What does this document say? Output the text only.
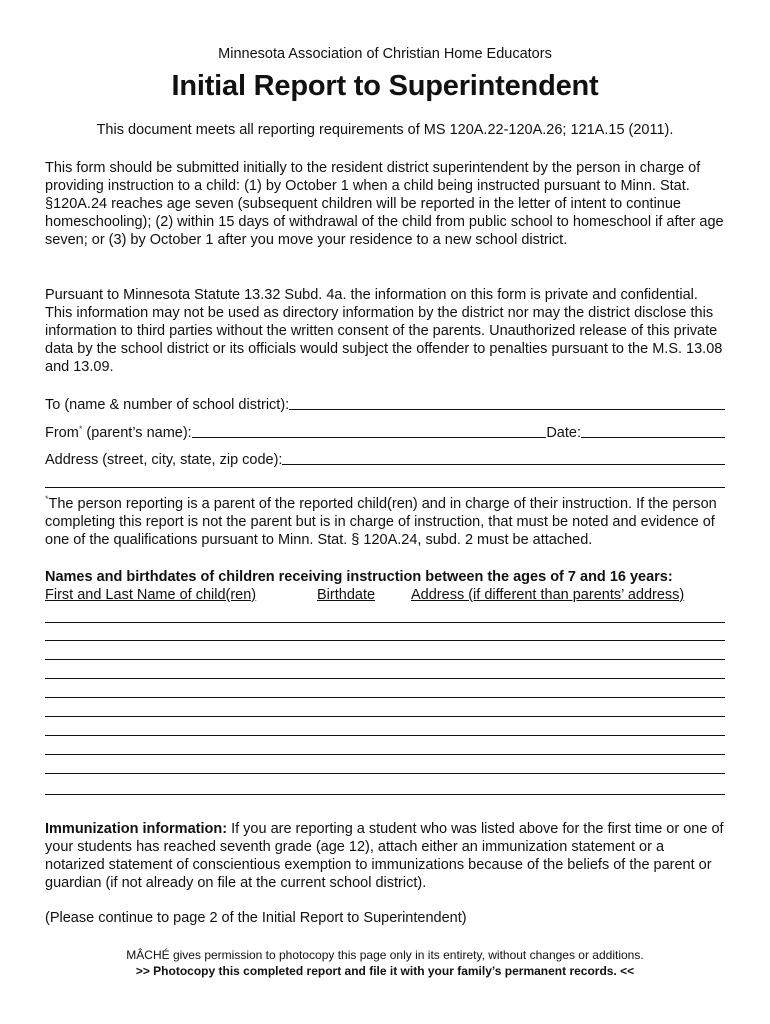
Minnesota Association of Christian Home Educators
Initial Report to Superintendent
This document meets all reporting requirements of MS 120A.22-120A.26; 121A.15 (2011).

This form should be submitted initially to the resident district superintendent by the person in charge of providing instruction to a child: (1) by October 1 when a child being instructed pursuant to Minn. Stat. §120A.24 reaches age seven (subsequent children will be reported in the letter of intent to continue homeschooling); (2) within 15 days of withdrawal of the child from public school to homeschool if after age seven; or (3) by October 1 after you move your residence to a new school district.

Pursuant to Minnesota Statute 13.32 Subd. 4a. the information on this form is private and confidential. This information may not be used as directory information by the district nor may the district disclose this information to third parties without the written consent of the parents. Unauthorized release of this private data by the school district or its officials would subject the offender to penalties pursuant to the M.S. 13.08 and 13.09.

To (name & number of school district):
From* (parent’s name):	Date:
Address (street, city, state, zip code):

*The person reporting is a parent of the reported child(ren) and in charge of their instruction. If the person completing this report is not the parent but is in charge of instruction, that must be noted and evidence of one of the qualifications pursuant to Minn. Stat. § 120A.24, subd. 2 must be attached.

Names and birthdates of children receiving instruction between the ages of 7 and 16 years:
First and Last Name of child(ren)	Birthdate Address (if different than parents’ address)

Immunization information: If you are reporting a student who was listed above for the first time or one of your students has reached seventh grade (age 12), attach either an immunization statement or a notarized statement of conscientious exemption to immunizations because of the beliefs of the parent or guardian (if not already on file at the current school district).

(Please continue to page 2 of the Initial Report to Superintendent)
MÂCHÉ gives permission to photocopy this page only in its entirety, without changes or additions.
>> Photocopy this completed report and file it with your family’s permanent records. <<
